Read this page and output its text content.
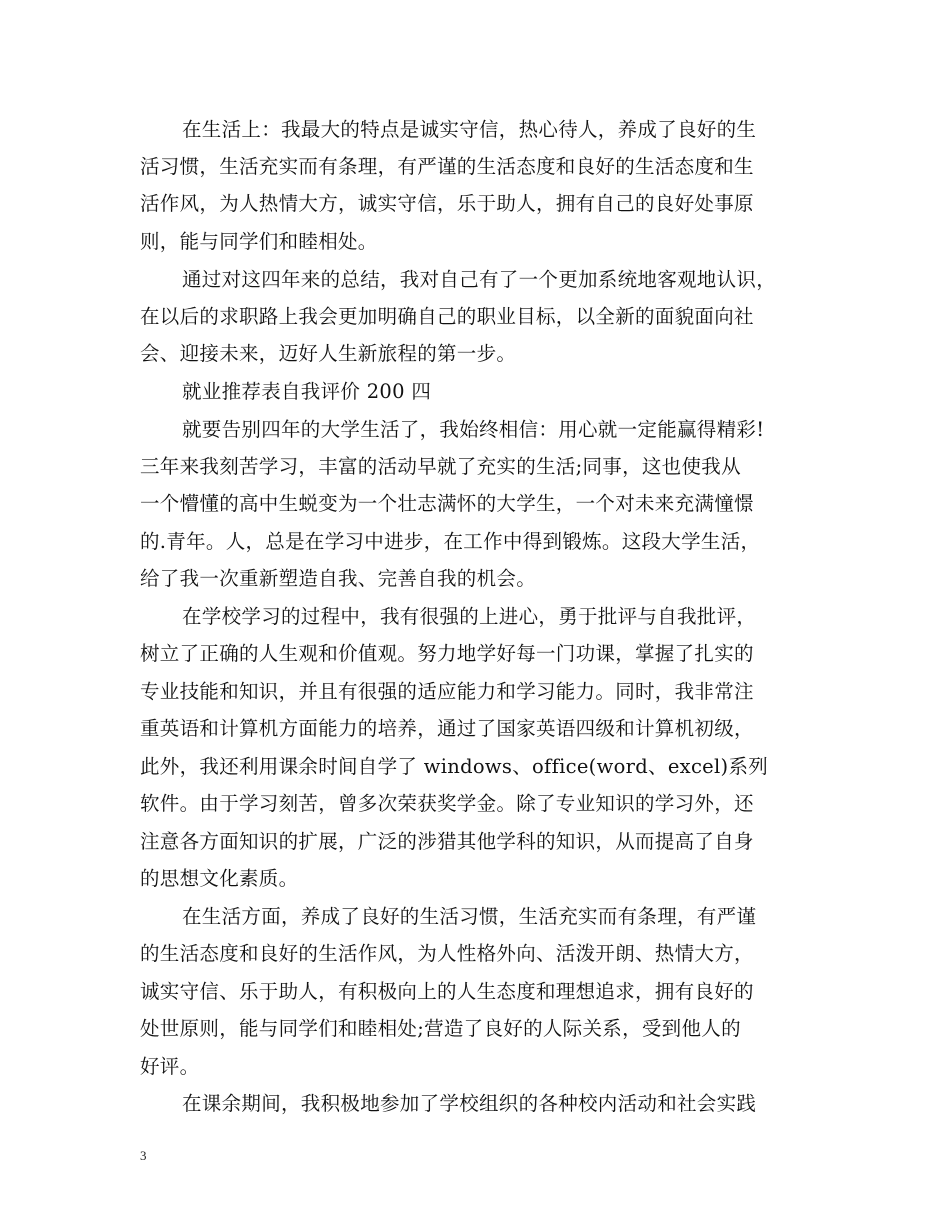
在生活上：我最大的特点是诚实守信，热心待人，养成了良好的生
活习惯，生活充实而有条理，有严谨的生活态度和良好的生活态度和生
活作风，为人热情大方，诚实守信，乐于助人，拥有自己的良好处事原
则，能与同学们和睦相处。
通过对这四年来的总结，我对自己有了一个更加系统地客观地认识，
在以后的求职路上我会更加明确自己的职业目标，以全新的面貌面向社
会、迎接未来，迈好人生新旅程的第一步。
就业推荐表自我评价 200 四
就要告别四年的大学生活了，我始终相信：用心就一定能赢得精彩!
三年来我刻苦学习，丰富的活动早就了充实的生活;同事，这也使我从
一个懵懂的高中生蜕变为一个壮志满怀的大学生，一个对未来充满憧憬
的.青年。人，总是在学习中进步，在工作中得到锻炼。这段大学生活，
给了我一次重新塑造自我、完善自我的机会。
在学校学习的过程中，我有很强的上进心，勇于批评与自我批评，
树立了正确的人生观和价值观。努力地学好每一门功课，掌握了扎实的
专业技能和知识，并且有很强的适应能力和学习能力。同时，我非常注
重英语和计算机方面能力的培养，通过了国家英语四级和计算机初级，
此外，我还利用课余时间自学了 windows、office(word、excel)系列
软件。由于学习刻苦，曾多次荣获奖学金。除了专业知识的学习外，还
注意各方面知识的扩展，广泛的涉猎其他学科的知识，从而提高了自身
的思想文化素质。
在生活方面，养成了良好的生活习惯，生活充实而有条理，有严谨
的生活态度和良好的生活作风，为人性格外向、活泼开朗、热情大方，
诚实守信、乐于助人，有积极向上的人生态度和理想追求，拥有良好的
处世原则，能与同学们和睦相处;营造了良好的人际关系，受到他人的
好评。
在课余期间，我积极地参加了学校组织的各种校内活动和社会实践
3
